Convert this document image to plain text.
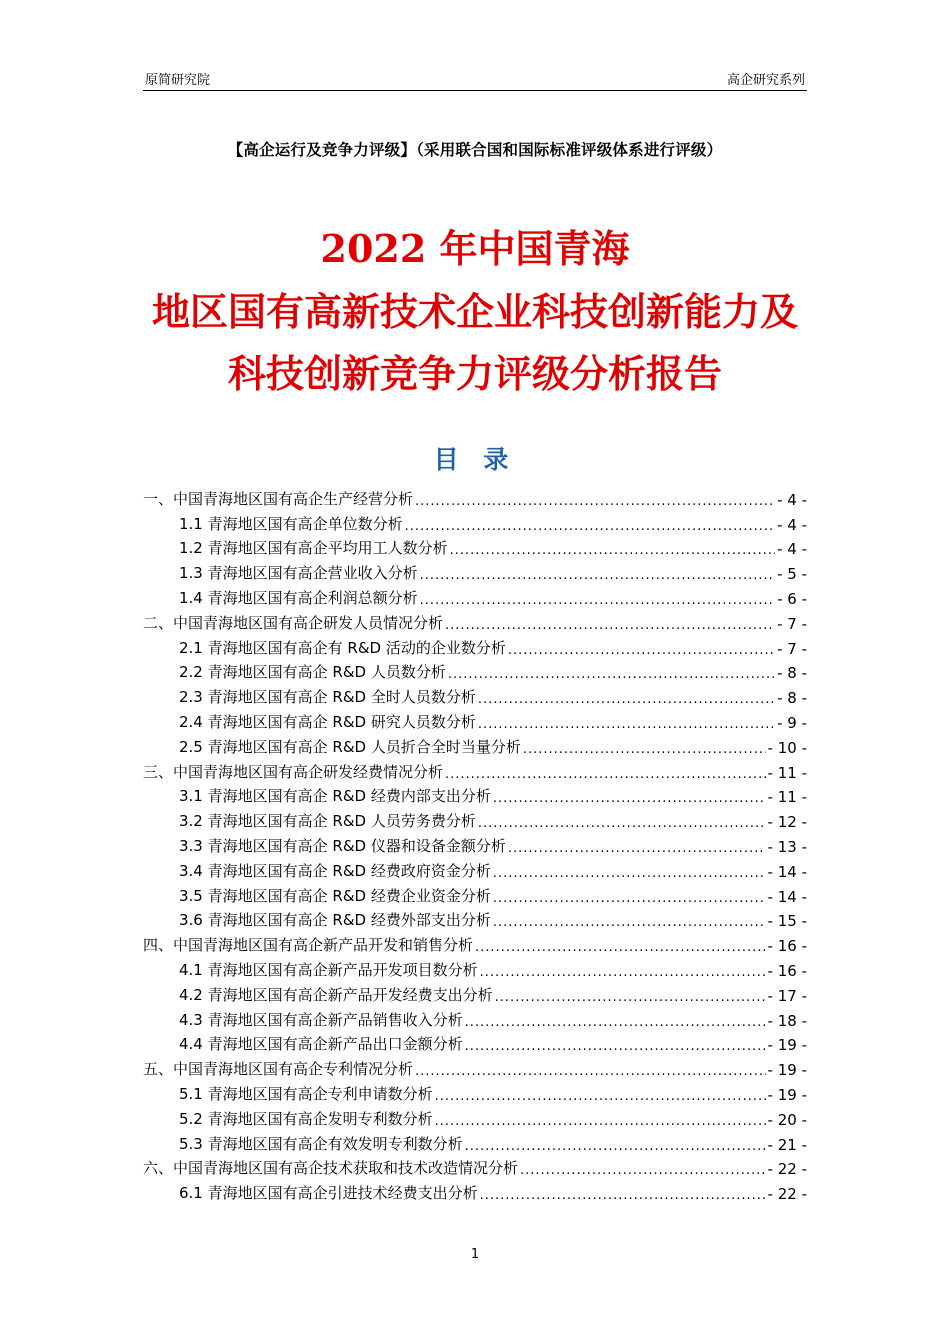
原简研究院	高企研究系列
【高企运行及竞争力评级】（采用联合国和国际标准评级体系进行评级）
2022 年中国青海
地区国有高新技术企业科技创新能力及
科技创新竞争力评级分析报告
目 录
一、中国青海地区国有高企生产经营分析 .....	- 4 -
1.1 青海地区国有高企单位数分析 .....	- 4 -
1.2 青海地区国有高企平均用工人数分析 .....	- 4 -
1.3 青海地区国有高企营业收入分析 .....	- 5 -
1.4 青海地区国有高企利润总额分析 .....	- 6 -
二、中国青海地区国有高企研发人员情况分析 .....	- 7 -
2.1 青海地区国有高企有 R&D 活动的企业数分析 .....	- 7 -
2.2 青海地区国有高企 R&D 人员数分析 .....	- 8 -
2.3 青海地区国有高企 R&D 全时人员数分析 .....	- 8 -
2.4 青海地区国有高企 R&D 研究人员数分析 .....	- 9 -
2.5 青海地区国有高企 R&D 人员折合全时当量分析 .....	- 10 -
三、中国青海地区国有高企研发经费情况分析 .....	- 11 -
3.1 青海地区国有高企 R&D 经费内部支出分析 .....	- 11 -
3.2 青海地区国有高企 R&D 人员劳务费分析 .....	- 12 -
3.3 青海地区国有高企 R&D 仪器和设备金额分析 .....	- 13 -
3.4 青海地区国有高企 R&D 经费政府资金分析 .....	- 14 -
3.5 青海地区国有高企 R&D 经费企业资金分析 .....	- 14 -
3.6 青海地区国有高企 R&D 经费外部支出分析 .....	- 15 -
四、中国青海地区国有高企新产品开发和销售分析 .....	- 16 -
4.1 青海地区国有高企新产品开发项目数分析 .....	- 16 -
4.2 青海地区国有高企新产品开发经费支出分析 .....	- 17 -
4.3 青海地区国有高企新产品销售收入分析 .....	- 18 -
4.4 青海地区国有高企新产品出口金额分析 .....	- 19 -
五、中国青海地区国有高企专利情况分析 .....	- 19 -
5.1 青海地区国有高企专利申请数分析 .....	- 19 -
5.2 青海地区国有高企发明专利数分析 .....	- 20 -
5.3 青海地区国有高企有效发明专利数分析 .....	- 21 -
六、中国青海地区国有高企技术获取和技术改造情况分析 .....	- 22 -
6.1 青海地区国有高企引进技术经费支出分析 .....	- 22 -
1
